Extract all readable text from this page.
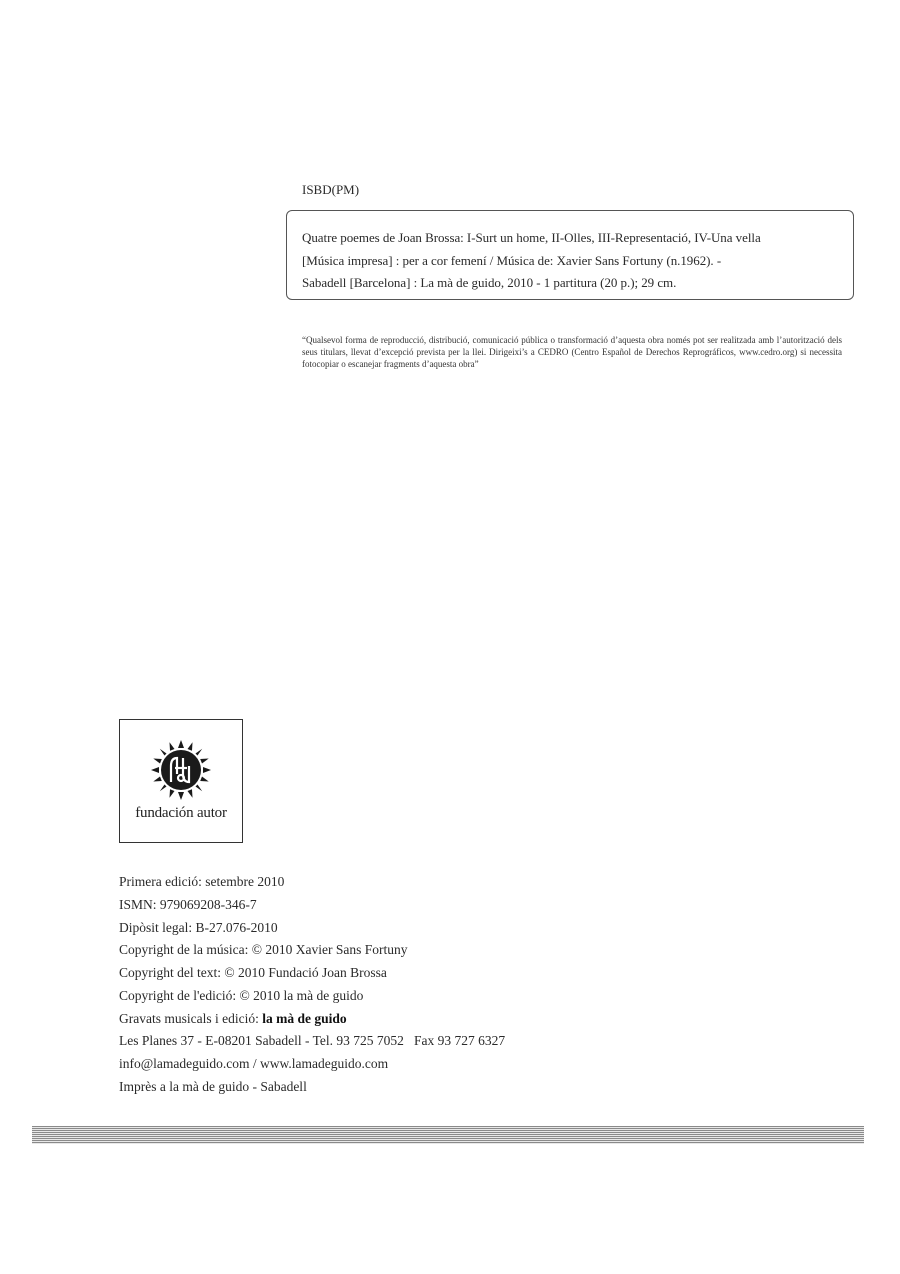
ISBD(PM)
Quatre poemes de Joan Brossa: I-Surt un home, II-Olles, III-Representació, IV-Una vella
[Música impresa] : per a cor femení / Música de: Xavier Sans Fortuny (n.1962). -
Sabadell [Barcelona] : La mà de guido, 2010 - 1 partitura (20 p.); 29 cm.
“Qualsevol forma de reproducció, distribució, comunicació pública o transformació d’aquesta obra només pot ser realitzada amb l’autorització dels seus titulars, llevat d’excepció prevista per la llei. Dirigeixi’s a CEDRO (Centro Español de Derechos Reprográficos, www.cedro.org) si necessita fotocopiar o escanejar fragments d’aquesta obra”
fundación autor
Primera edició: setembre 2010
ISMN: 979069208-346-7
Dipòsit legal: B-27.076-2010
Copyright de la música: © 2010 Xavier Sans Fortuny
Copyright del text: © 2010 Fundació Joan Brossa
Copyright de l'edició: © 2010 la mà de guido
Gravats musicals i edició: la mà de guido
Les Planes 37 - E-08201 Sabadell - Tel. 93 725 7052   Fax 93 727 6327
info@lamadeguido.com / www.lamadeguido.com
Imprès a la mà de guido - Sabadell
